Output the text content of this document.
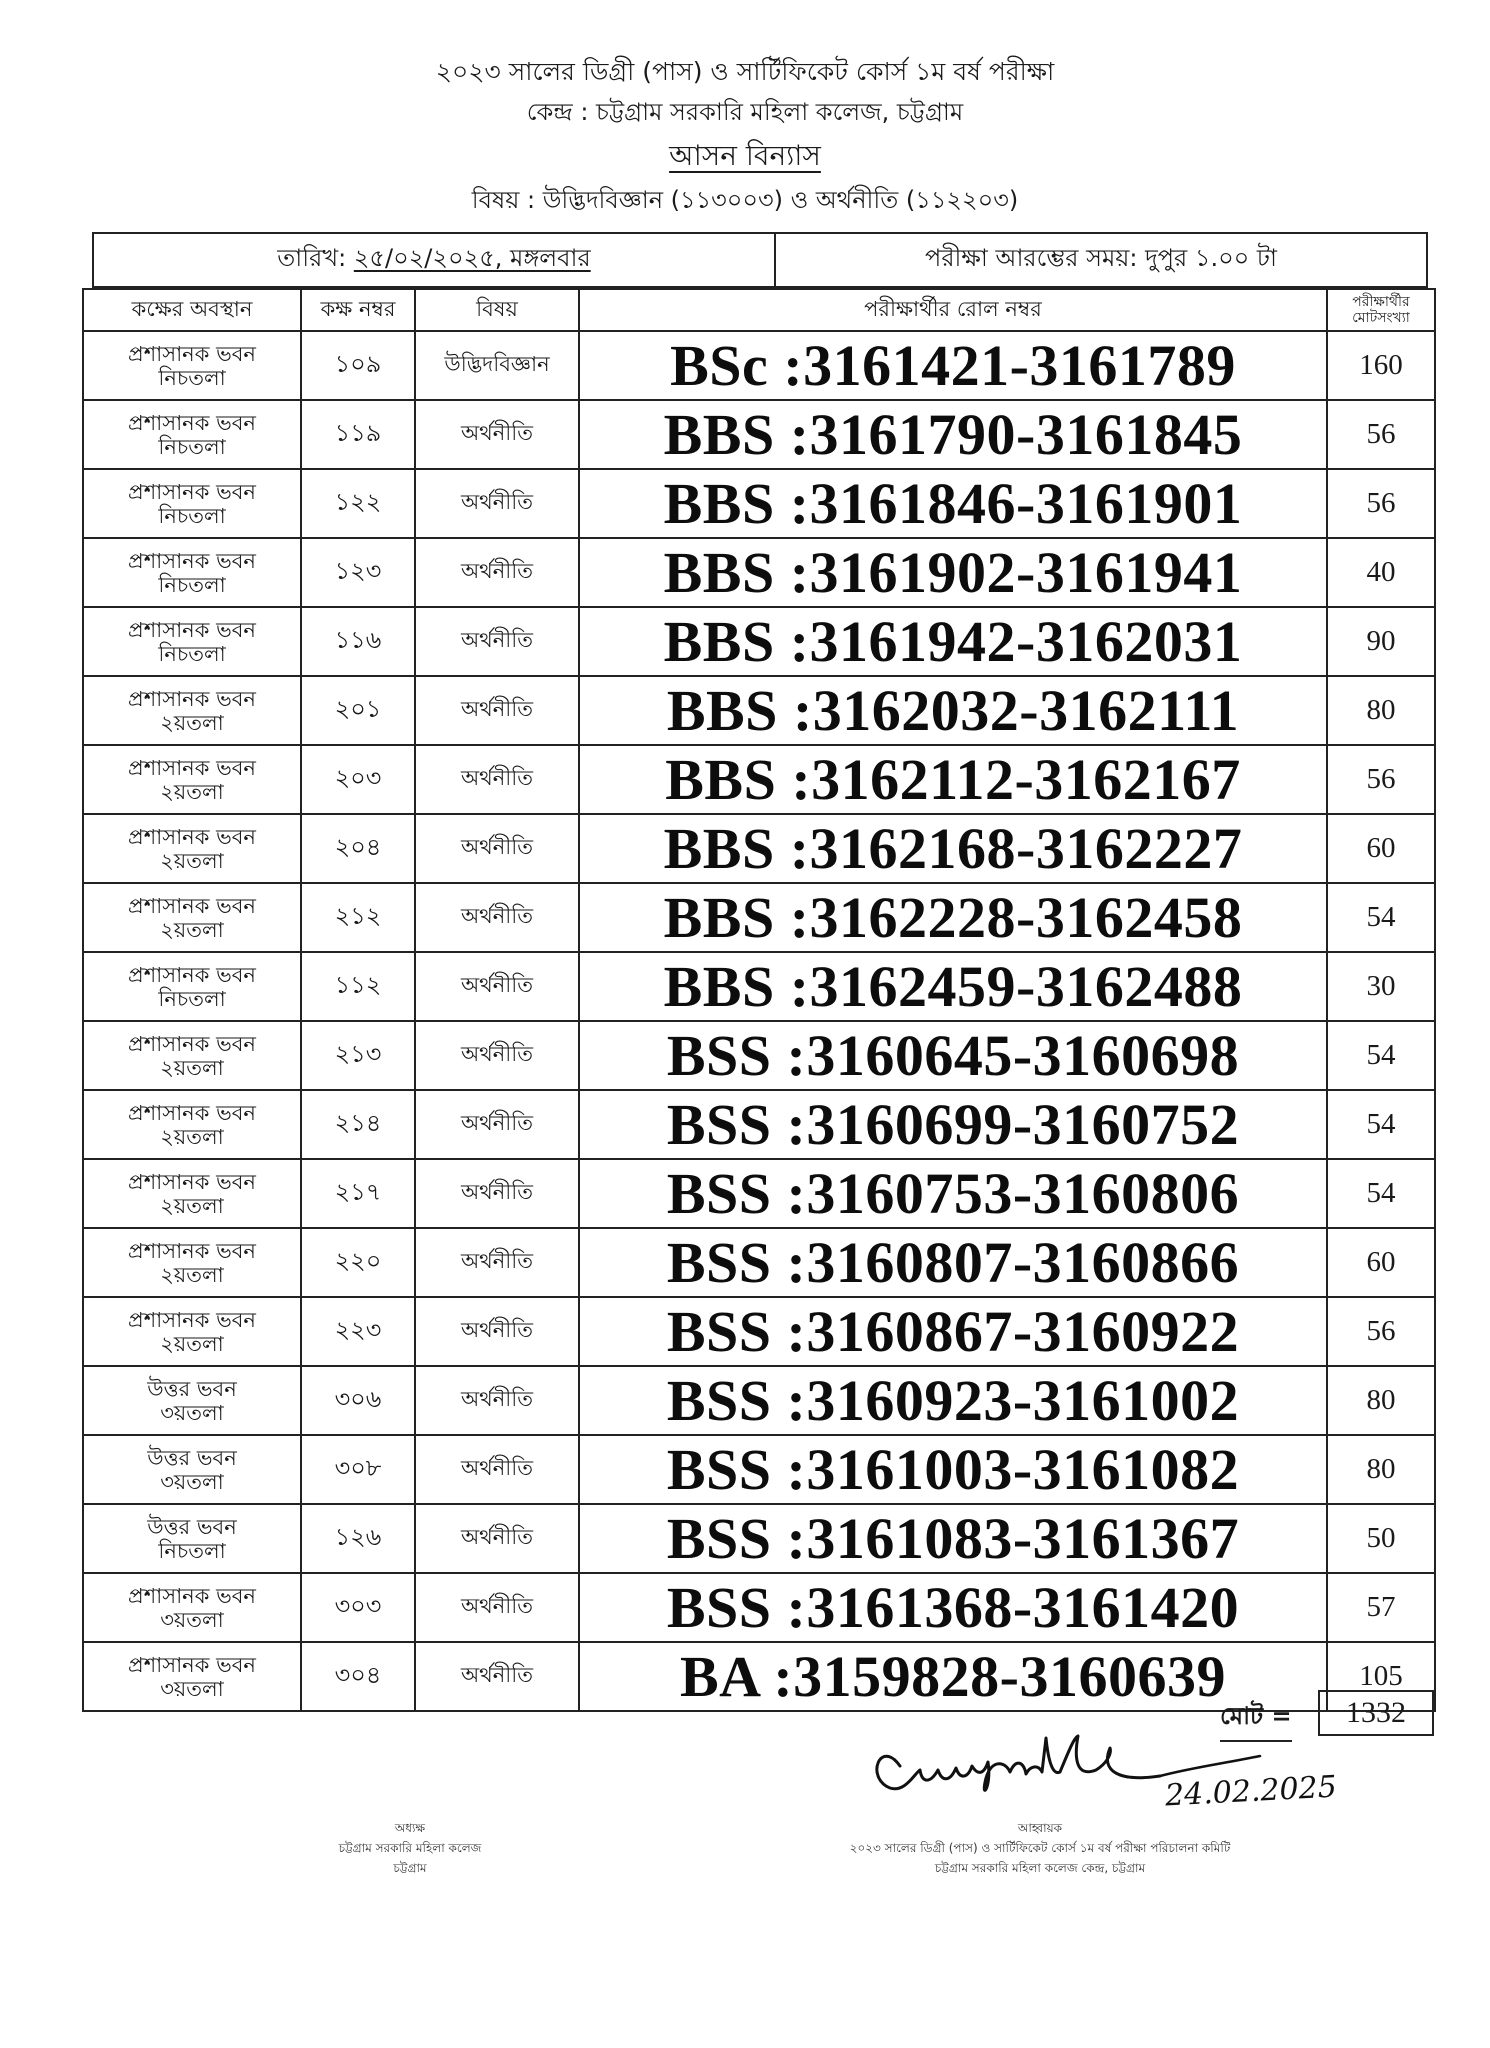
২০২৩ সালের ডিগ্রী (পাস) ও সার্টিফিকেট কোর্স ১ম বর্ষ পরীক্ষা
কেন্দ্র : চট্টগ্রাম সরকারি মহিলা কলেজ, চট্টগ্রাম
আসন বিন্যাস
বিষয় : উদ্ভিদবিজ্ঞান (১১৩০০৩) ও অর্থনীতি (১১২২০৩)
তারিখ:
২৫/০২/২০২৫, মঙ্গলবার	পরীক্ষা আরম্ভের সময়:
দুপুর ১.০০ টা
কক্ষের অবস্থান	কক্ষ নম্বর	বিষয়	পরীক্ষার্থীর রোল নম্বর	পরীক্ষার্থীর
মোটসংখ্যা
প্রশাসানক ভবন
নিচতলা	১০৯	উদ্ভিদবিজ্ঞান	BSc :3161421-3161789	160
প্রশাসানক ভবন
নিচতলা	১১৯	অর্থনীতি	BBS :3161790-3161845	56
প্রশাসানক ভবন
নিচতলা	১২২	অর্থনীতি	BBS :3161846-3161901	56
প্রশাসানক ভবন
নিচতলা	১২৩	অর্থনীতি	BBS :3161902-3161941	40
প্রশাসানক ভবন
নিচতলা	১১৬	অর্থনীতি	BBS :3161942-3162031	90
প্রশাসানক ভবন
২য়তলা	২০১	অর্থনীতি	BBS :3162032-3162111	80
প্রশাসানক ভবন
২য়তলা	২০৩	অর্থনীতি	BBS :3162112-3162167	56
প্রশাসানক ভবন
২য়তলা	২০৪	অর্থনীতি	BBS :3162168-3162227	60
প্রশাসানক ভবন
২য়তলা	২১২	অর্থনীতি	BBS :3162228-3162458	54
প্রশাসানক ভবন
নিচতলা	১১২	অর্থনীতি	BBS :3162459-3162488	30
প্রশাসানক ভবন
২য়তলা	২১৩	অর্থনীতি	BSS :3160645-3160698	54
প্রশাসানক ভবন
২য়তলা	২১৪	অর্থনীতি	BSS :3160699-3160752	54
প্রশাসানক ভবন
২য়তলা	২১৭	অর্থনীতি	BSS :3160753-3160806	54
প্রশাসানক ভবন
২য়তলা	২২০	অর্থনীতি	BSS :3160807-3160866	60
প্রশাসানক ভবন
২য়তলা	২২৩	অর্থনীতি	BSS :3160867-3160922	56
উত্তর ভবন
৩য়তলা	৩০৬	অর্থনীতি	BSS :3160923-3161002	80
উত্তর ভবন
৩য়তলা	৩০৮	অর্থনীতি	BSS :3161003-3161082	80
উত্তর ভবন
নিচতলা	১২৬	অর্থনীতি	BSS :3161083-3161367	50
প্রশাসানক ভবন
৩য়তলা	৩০৩	অর্থনীতি	BSS :3161368-3161420	57
প্রশাসানক ভবন
৩য়তলা	৩০৪	অর্থনীতি	BA :3159828-3160639	105
মোট =	1332
24.02.2025
অধ্যক্ষ
চট্টগ্রাম সরকারি মহিলা কলেজ
চট্টগ্রাম
আহ্বায়ক
২০২৩ সালের ডিগ্রী (পাস) ও সার্টিফিকেট কোর্স ১ম বর্ষ পরীক্ষা পরিচালনা কমিটি
চট্টগ্রাম সরকারি মহিলা কলেজ কেন্দ্র, চট্টগ্রাম
